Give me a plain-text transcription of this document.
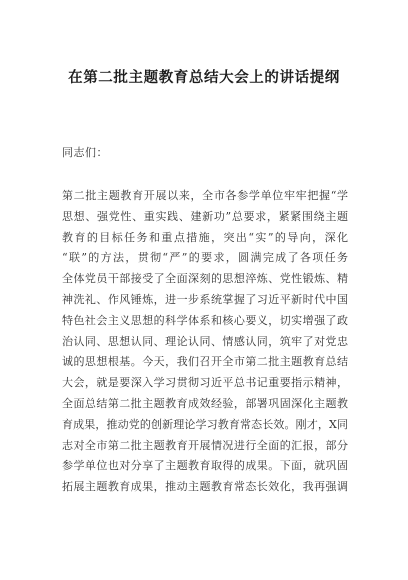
在第二批主题教育总结大会上的讲话提纲
同志们：
第二批主题教育开展以来，全市各参学单位牢牢把握“学
思想、强党性、重实践、建新功”总要求，紧紧围绕主题
教育的目标任务和重点措施，突出“实”的导向，深化
“联”的方法，贯彻“严”的要求，圆满完成了各项任务
全体党员干部接受了全面深刻的思想淬炼、党性锻炼、精
神洗礼、作风锤炼，进一步系统掌握了习近平新时代中国
特色社会主义思想的科学体系和核心要义，切实增强了政
治认同、思想认同、理论认同、情感认同，筑牢了对党忠
诚的思想根基。今天，我们召开全市第二批主题教育总结
大会，就是要深入学习贯彻习近平总书记重要指示精神，
全面总结第二批主题教育成效经验，部署巩固深化主题教
育成果，推动党的创新理论学习教育常态长效。刚才，X同
志对全市第二批主题教育开展情况进行全面的汇报，部分
参学单位也对分享了主题教育取得的成果。下面，就巩固
拓展主题教育成果，推动主题教育常态长效化，我再强调
